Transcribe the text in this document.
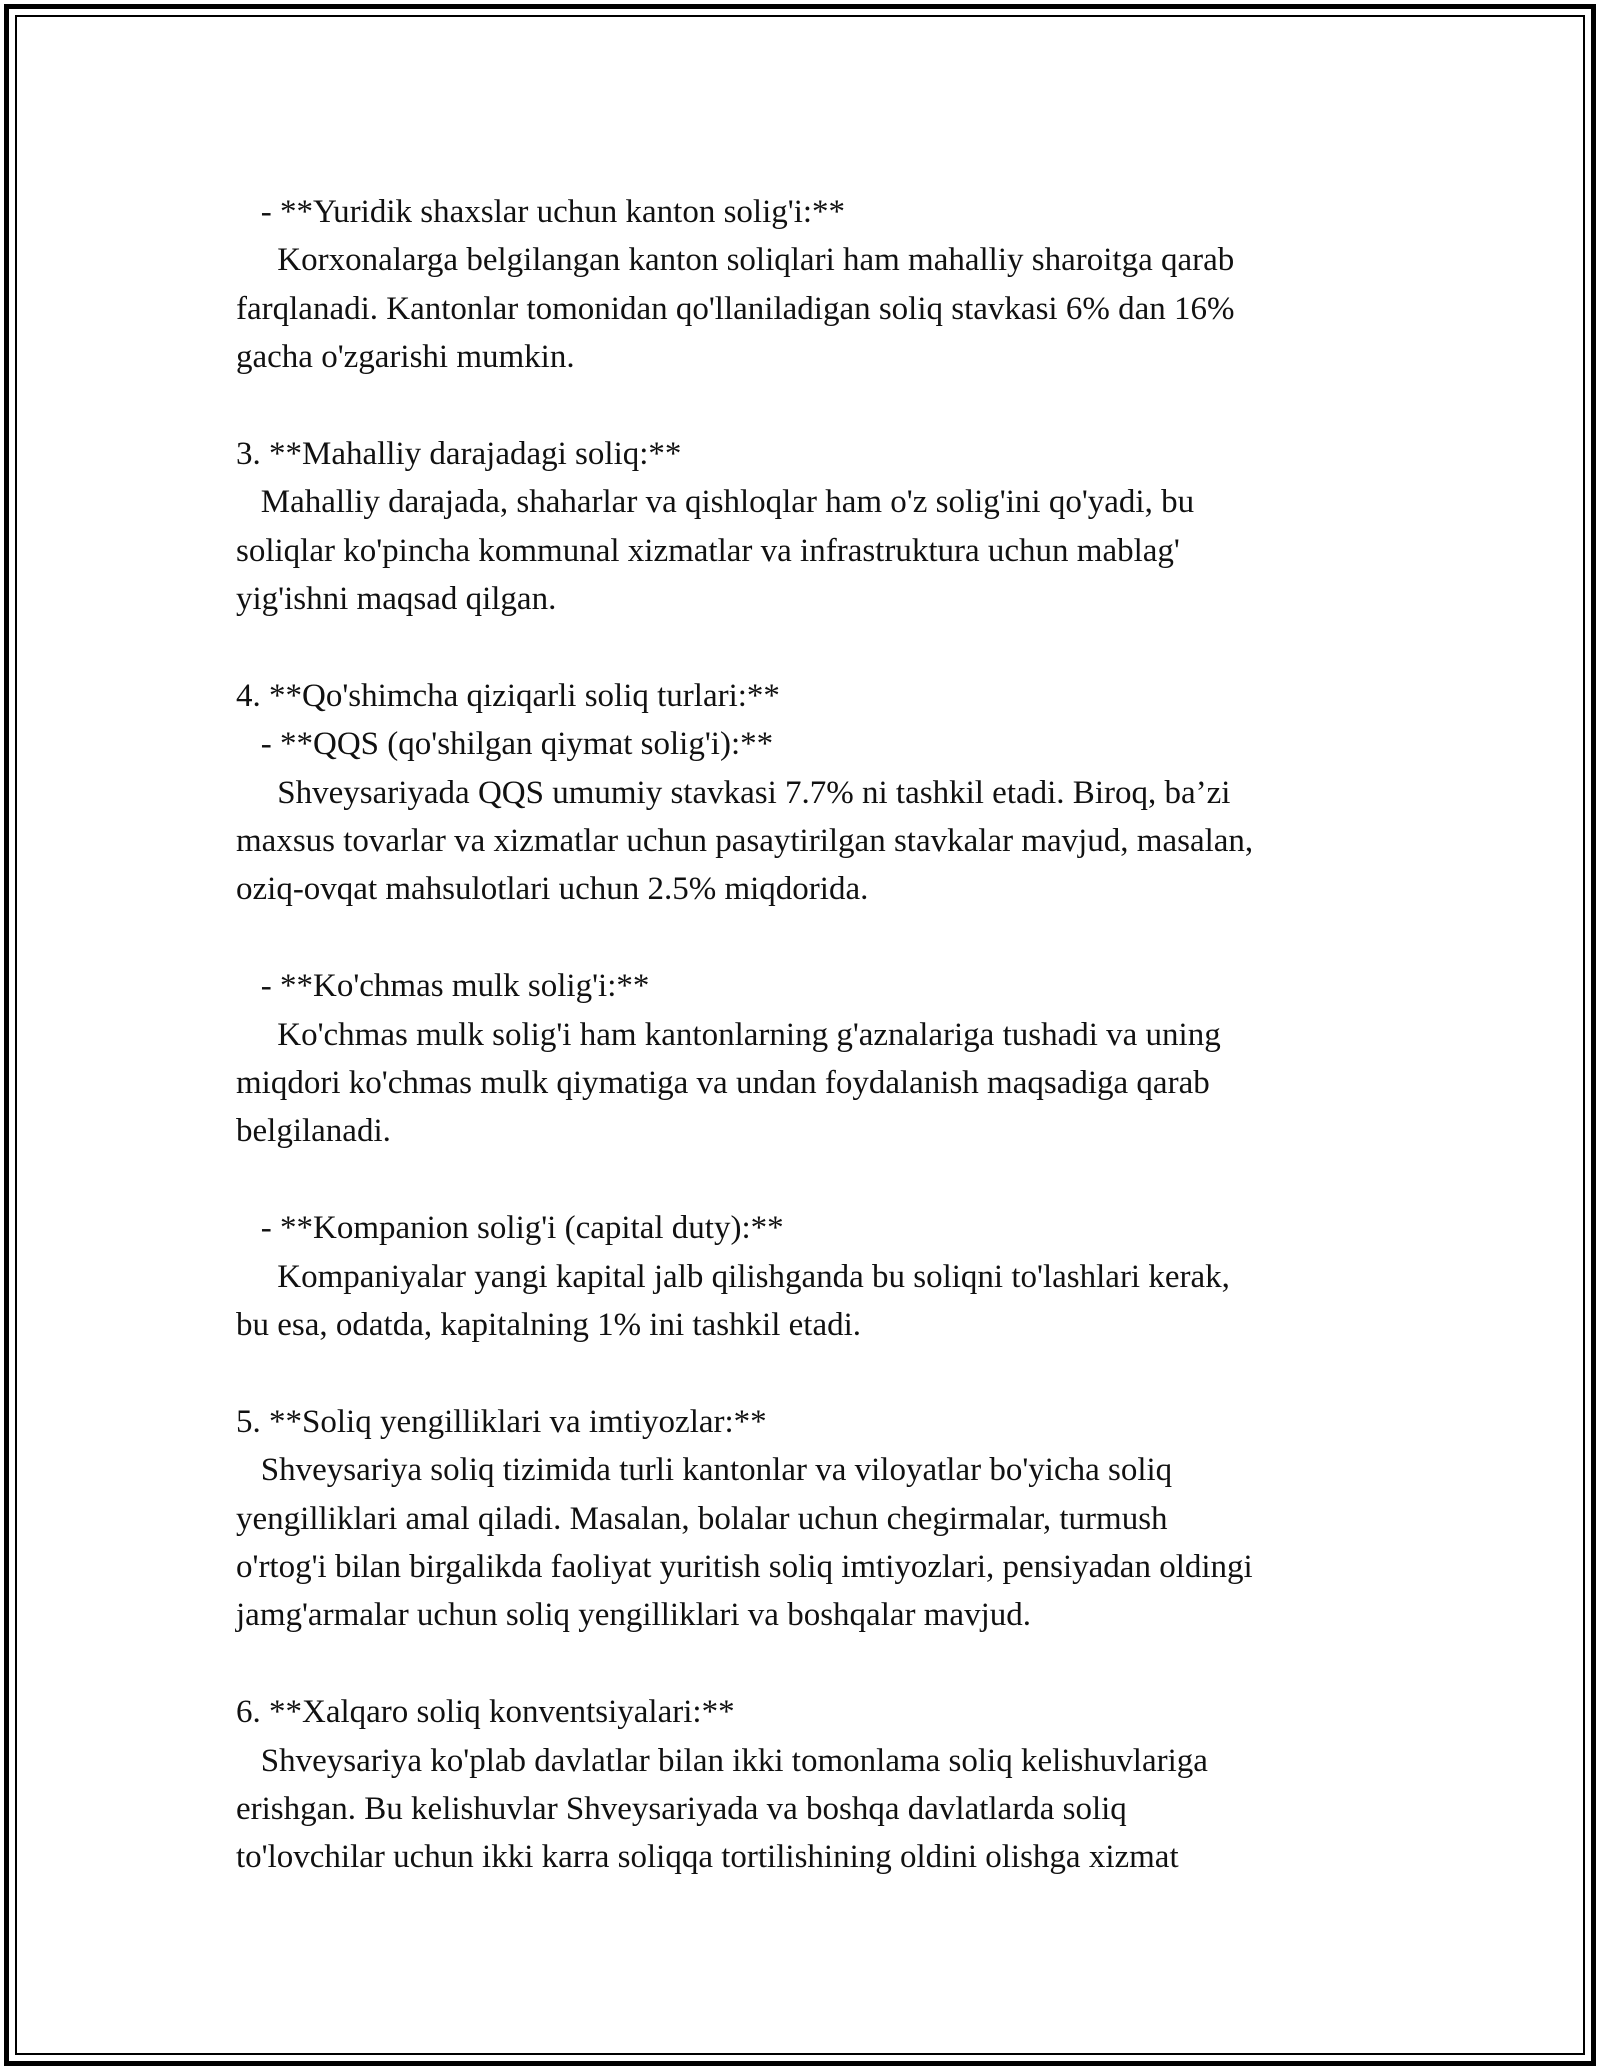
- **Yuridik shaxslar uchun kanton solig'i:**
Korxonalarga belgilangan kanton soliqlari ham mahalliy sharoitga qarab
farqlanadi. Kantonlar tomonidan qo'llaniladigan soliq stavkasi 6% dan 16%
gacha o'zgarishi mumkin.
3. **Mahalliy darajadagi soliq:**
Mahalliy darajada, shaharlar va qishloqlar ham o'z solig'ini qo'yadi, bu
soliqlar ko'pincha kommunal xizmatlar va infrastruktura uchun mablag'
yig'ishni maqsad qilgan.
4. **Qo'shimcha qiziqarli soliq turlari:**
- **QQS (qo'shilgan qiymat solig'i):**
Shveysariyada QQS umumiy stavkasi 7.7% ni tashkil etadi. Biroq, ba’zi
maxsus tovarlar va xizmatlar uchun pasaytirilgan stavkalar mavjud, masalan,
oziq-ovqat mahsulotlari uchun 2.5% miqdorida.
- **Ko'chmas mulk solig'i:**
Ko'chmas mulk solig'i ham kantonlarning g'aznalariga tushadi va uning
miqdori ko'chmas mulk qiymatiga va undan foydalanish maqsadiga qarab
belgilanadi.
- **Kompanion solig'i (capital duty):**
Kompaniyalar yangi kapital jalb qilishganda bu soliqni to'lashlari kerak,
bu esa, odatda, kapitalning 1% ini tashkil etadi.
5. **Soliq yengilliklari va imtiyozlar:**
Shveysariya soliq tizimida turli kantonlar va viloyatlar bo'yicha soliq
yengilliklari amal qiladi. Masalan, bolalar uchun chegirmalar, turmush
o'rtog'i bilan birgalikda faoliyat yuritish soliq imtiyozlari, pensiyadan oldingi
jamg'armalar uchun soliq yengilliklari va boshqalar mavjud.
6. **Xalqaro soliq konventsiyalari:**
Shveysariya ko'plab davlatlar bilan ikki tomonlama soliq kelishuvlariga
erishgan. Bu kelishuvlar Shveysariyada va boshqa davlatlarda soliq
to'lovchilar uchun ikki karra soliqqa tortilishining oldini olishga xizmat
